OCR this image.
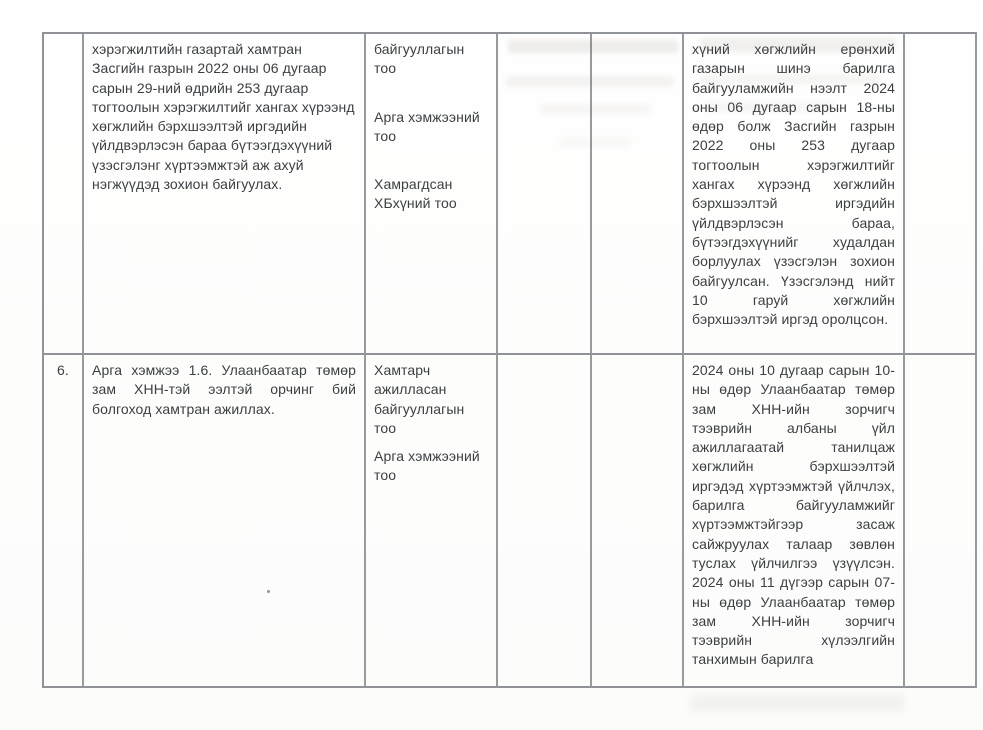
хэрэгжилтийн газартай хамтран Засгийн газрын 2022 оны 06 дугаар сарын 29-ний өдрийн 253 дугаар тогтоолын хэрэгжилтийг хангах хүрээнд хөгжлийн бэрхшээлтэй иргэдийн үйлдвэрлэсэн бараа бүтээгдэхүүний үзэсгэлэнг хүртээмжтэй аж ахуй нэгжүүдэд зохион байгуулах.

байгууллагын тоо

Арга хэмжээний тоо

Хамрагдсан ХБхүний тоо

хүний хөгжлийн ерөнхий газарын шинэ барилга байгууламжийн нээлт 2024 оны 06 дугаар сарын 18-ны өдөр болж Засгийн газрын 2022 оны 253 дугаар тогтоолын хэрэгжилтийг хангах хүрээнд хөгжлийн бэрхшээлтэй иргэдийн үйлдвэрлэсэн бараа, бүтээгдэхүүнийг худалдан борлуулах үзэсгэлэн зохион байгуулсан. Үзэсгэлэнд нийт 10 гаруй хөгжлийн бэрхшээлтэй иргэд оролцсон.

6.	Арга хэмжээ 1.6. Улаанбаатар төмөр зам ХНН-тэй ээлтэй орчинг бий болгоход хамтран ажиллах.

Хамтарч ажилласан байгууллагын тоо

Арга хэмжээний тоо

2024 оны 10 дугаар сарын 10-ны өдөр Улаанбаатар төмөр зам ХНН-ийн зорчигч тээврийн албаны үйл ажиллагаатай танилцаж хөгжлийн бэрхшээлтэй иргэдэд хүртээмжтэй үйлчлэх, барилга байгууламжийг хүртээмжтэйгээр засаж сайжруулах талаар зөвлөн туслах үйлчилгээ үзүүлсэн. 2024 оны 11 дүгээр сарын 07-ны өдөр Улаанбаатар төмөр зам ХНН-ийн зорчигч тээврийн хүлээлгийн танхимын барилга
